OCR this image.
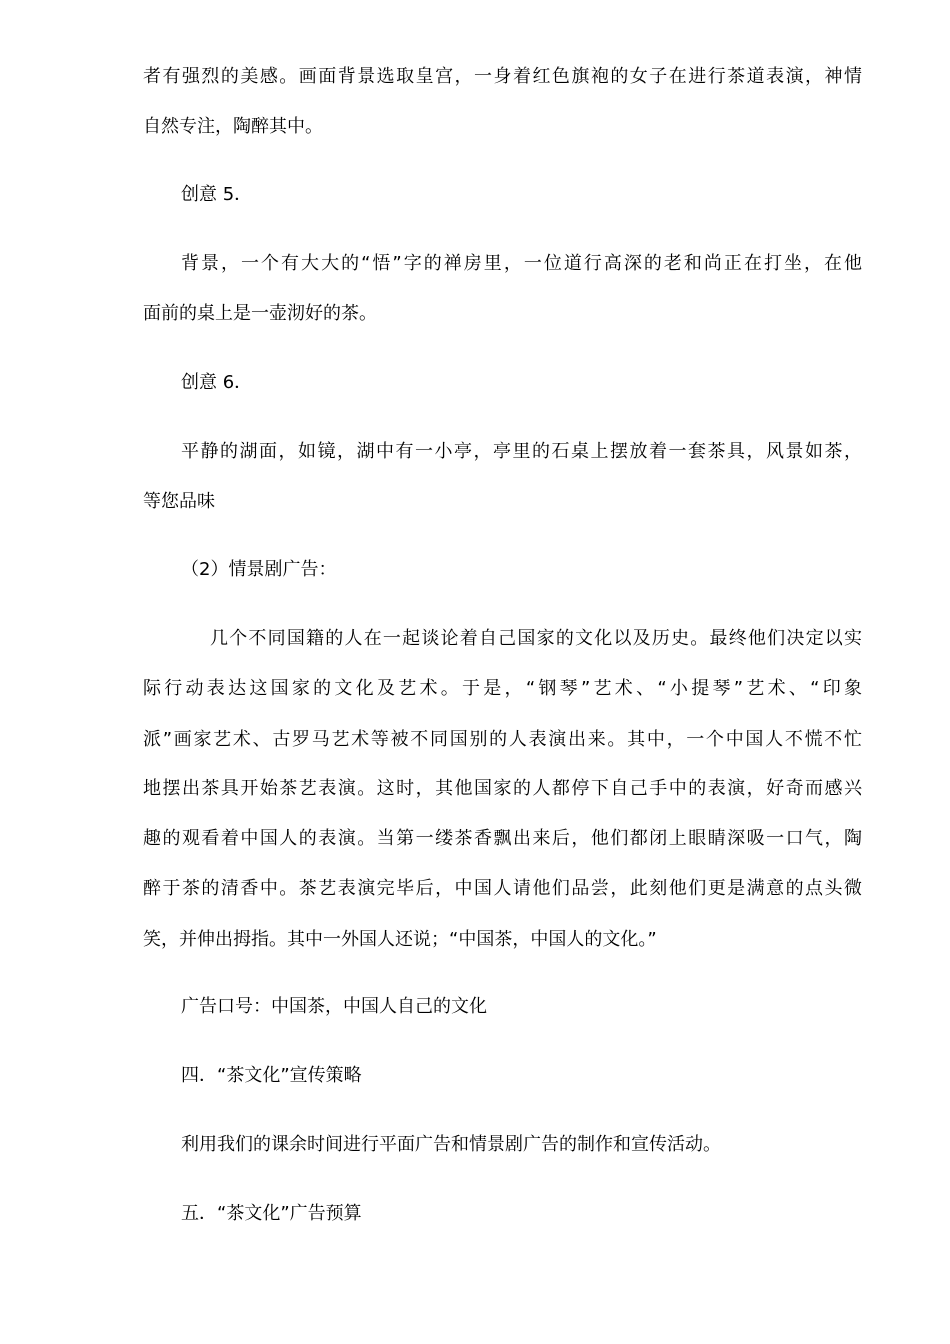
者有强烈的美感。画面背景选取皇宫，一身着红色旗袍的女子在进行茶道表演，神情
自然专注，陶醉其中。
创意 5．
背景，一个有大大的“悟”字的禅房里，一位道行高深的老和尚正在打坐，在他
面前的桌上是一壶沏好的茶。
创意 6．
平静的湖面，如镜，湖中有一小亭，亭里的石桌上摆放着一套茶具，风景如茶，
等您品味
（2）情景剧广告：
几个不同国籍的人在一起谈论着自己国家的文化以及历史。最终他们决定以实
际行动表达这国家的文化及艺术。于是，“钢琴”艺术、“小提琴”艺术、“印象
派”画家艺术、古罗马艺术等被不同国别的人表演出来。其中，一个中国人不慌不忙
地摆出茶具开始茶艺表演。这时，其他国家的人都停下自己手中的表演，好奇而感兴
趣的观看着中国人的表演。当第一缕茶香飘出来后，他们都闭上眼睛深吸一口气，陶
醉于茶的清香中。茶艺表演完毕后，中国人请他们品尝，此刻他们更是满意的点头微
笑，并伸出拇指。其中一外国人还说；“中国茶，中国人的文化。”
广告口号：中国茶，中国人自己的文化
四．“茶文化”宣传策略
利用我们的课余时间进行平面广告和情景剧广告的制作和宣传活动。
五．“茶文化”广告预算
